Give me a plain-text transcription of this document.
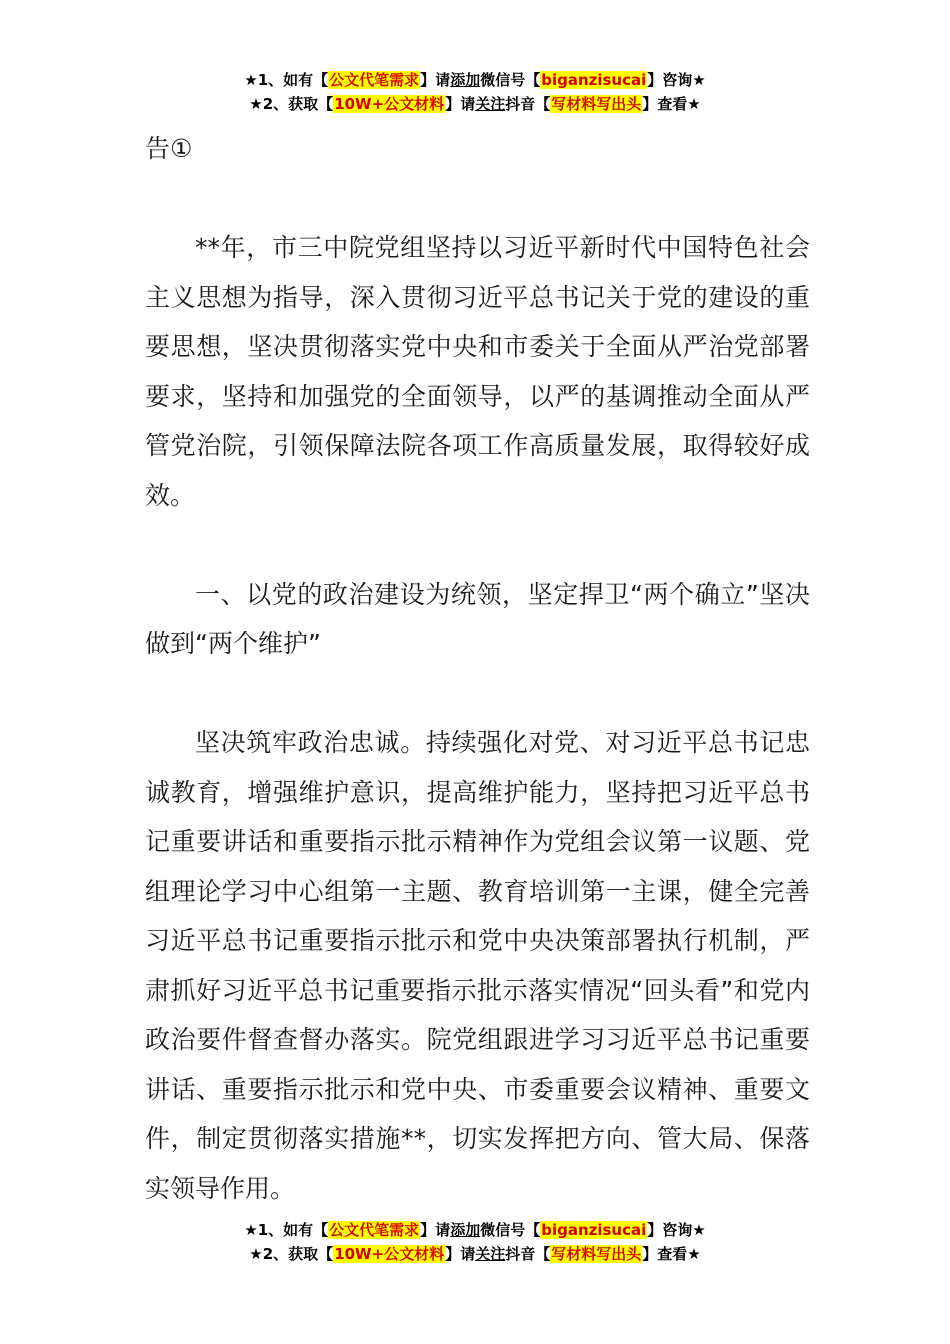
★1、如有【公文代笔需求】请添加微信号【biganzisucai】咨询★
★2、获取【10W+公文材料】请关注抖音【写材料写出头】查看★

告①

**年，市三中院党组坚持以习近平新时代中国特色社会主义思想为指导，深入贯彻习近平总书记关于党的建设的重要思想，坚决贯彻落实党中央和市委关于全面从严治党部署要求，坚持和加强党的全面领导，以严的基调推动全面从严管党治院，引领保障法院各项工作高质量发展，取得较好成效。

一、以党的政治建设为统领，坚定捍卫“两个确立”坚决做到“两个维护”

坚决筑牢政治忠诚。持续强化对党、对习近平总书记忠诚教育，增强维护意识，提高维护能力，坚持把习近平总书记重要讲话和重要指示批示精神作为党组会议第一议题、党组理论学习中心组第一主题、教育培训第一主课，健全完善习近平总书记重要指示批示和党中央决策部署执行机制，严肃抓好习近平总书记重要指示批示落实情况“回头看”和党内政治要件督查督办落实。院党组跟进学习习近平总书记重要讲话、重要指示批示和党中央、市委重要会议精神、重要文件，制定贯彻落实措施**，切实发挥把方向、管大局、保落实领导作用。

★1、如有【公文代笔需求】请添加微信号【biganzisucai】咨询★
★2、获取【10W+公文材料】请关注抖音【写材料写出头】查看★
